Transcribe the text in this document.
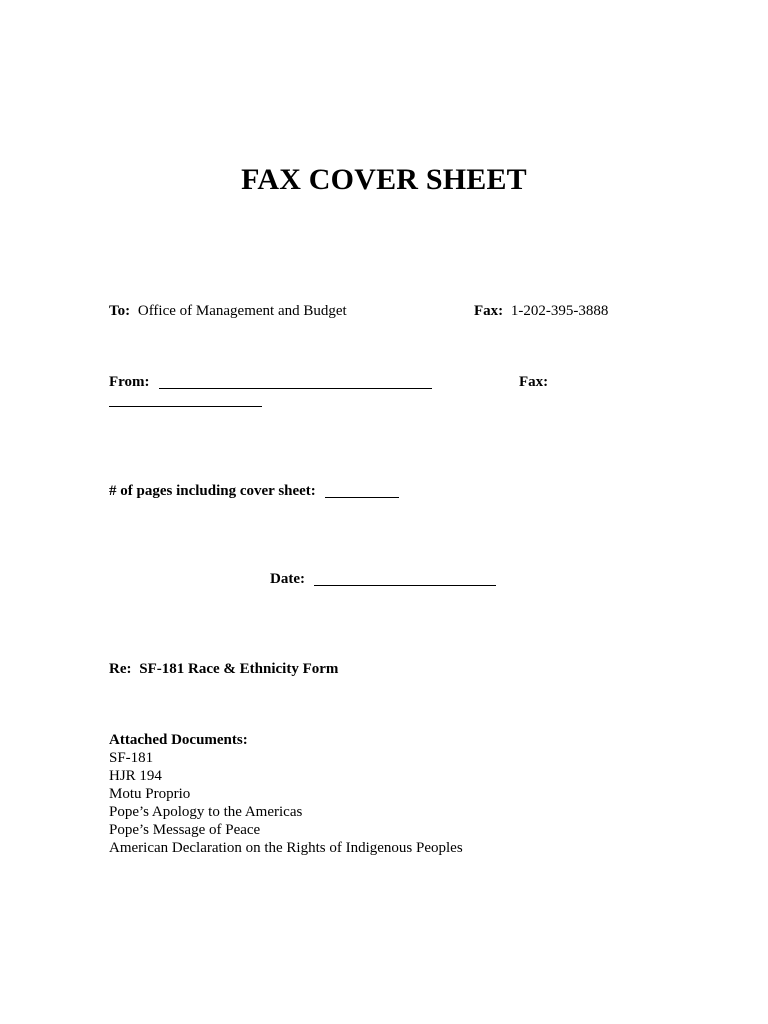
FAX COVER SHEET
To: Office of Management and Budget	Fax: 1-202-395-3888
From:	Fax:
# of pages including cover sheet:
Date:
Re: SF-181 Race & Ethnicity Form
Attached Documents:
SF-181
HJR 194
Motu Proprio
Pope’s Apology to the Americas
Pope’s Message of Peace
American Declaration on the Rights of Indigenous Peoples
